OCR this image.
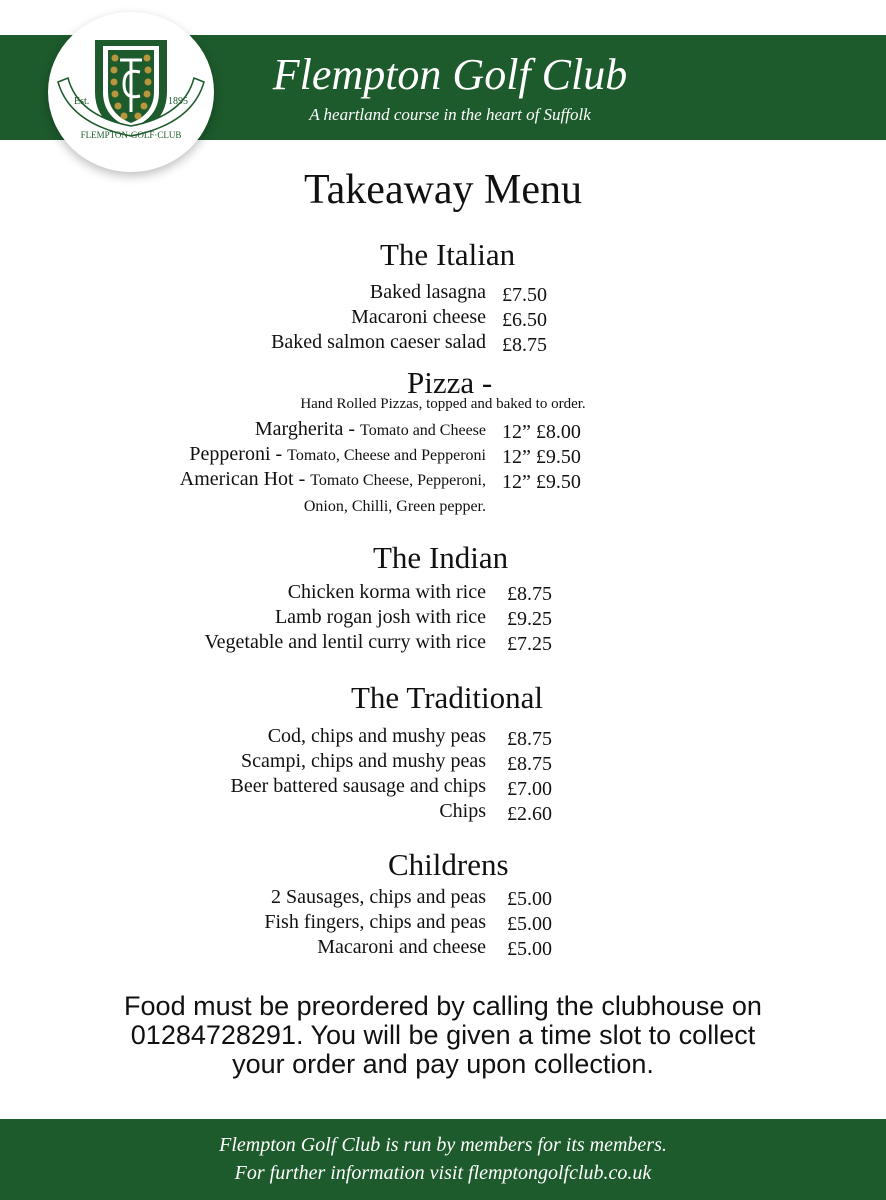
Flempton Golf Club
A heartland course in the heart of Suffolk
Est.	1895
FLEMPTON·GOLF·CLUB
Takeaway Menu
The Italian
Baked lasagna £7.50
Macaroni cheese £6.50
Baked salmon caeser salad £8.75
Pizza -
Hand Rolled Pizzas, topped and baked to order.
Margherita - Tomato and Cheese 12” £8.00
Pepperoni - Tomato, Cheese and Pepperoni 12” £9.50
American Hot - Tomato Cheese, Pepperoni, 12” £9.50
Onion, Chilli, Green pepper.
The Indian
Chicken korma with rice £8.75
Lamb rogan josh with rice £9.25
Vegetable and lentil curry with rice £7.25
The Traditional
Cod, chips and mushy peas £8.75
Scampi, chips and mushy peas £8.75
Beer battered sausage and chips £7.00
Chips £2.60
Childrens
2 Sausages, chips and peas £5.00
Fish fingers, chips and peas £5.00
Macaroni and cheese £5.00
Food must be preordered by calling the clubhouse on
01284728291. You will be given a time slot to collect
your order and pay upon collection.
Flempton Golf Club is run by members for its members.
For further information visit flemptongolfclub.co.uk
